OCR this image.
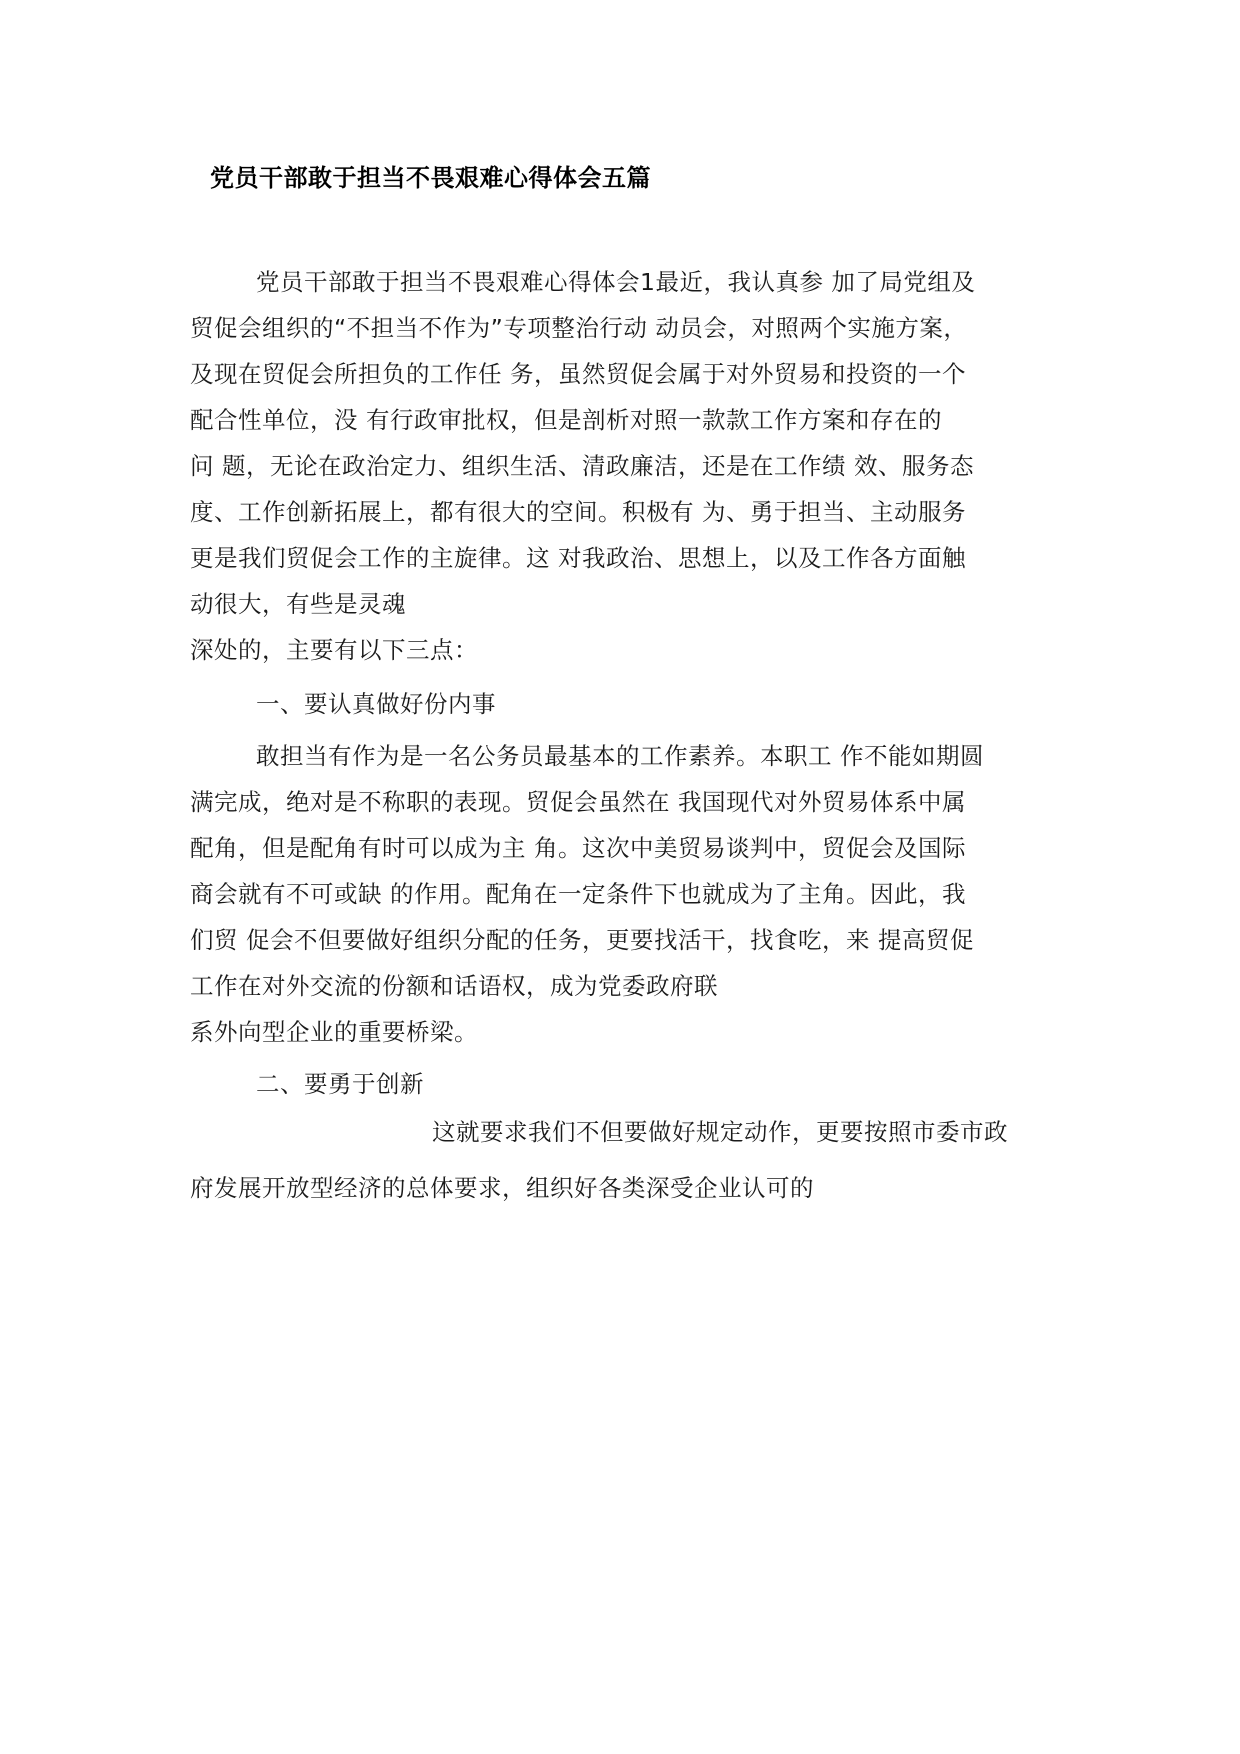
党员干部敢于担当不畏艰难心得体会五篇
党员干部敢于担当不畏艰难心得体会1最近，我认真参 加了局党组及
贸促会组织的“不担当不作为”专项整治行动 动员会，对照两个实施方案，
及现在贸促会所担负的工作任 务，虽然贸促会属于对外贸易和投资的一个
配合性单位，没 有行政审批权，但是剖析对照一款款工作方案和存在的
问 题，无论在政治定力、组织生活、清政廉洁，还是在工作绩 效、服务态
度、工作创新拓展上，都有很大的空间。积极有 为、勇于担当、主动服务
更是我们贸促会工作的主旋律。这 对我政治、思想上，以及工作各方面触
动很大，有些是灵魂
深处的，主要有以下三点：
一、要认真做好份内事
敢担当有作为是一名公务员最基本的工作素养。本职工 作不能如期圆
满完成，绝对是不称职的表现。贸促会虽然在 我国现代对外贸易体系中属
配角，但是配角有时可以成为主 角。这次中美贸易谈判中，贸促会及国际
商会就有不可或缺 的作用。配角在一定条件下也就成为了主角。因此，我
们贸 促会不但要做好组织分配的任务，更要找活干，找食吃，来 提高贸促
工作在对外交流的份额和话语权，成为党委政府联
系外向型企业的重要桥梁。
二、要勇于创新
这就要求我们不但要做好规定动作，更要按照市委市政
府发展开放型经济的总体要求，组织好各类深受企业认可的
